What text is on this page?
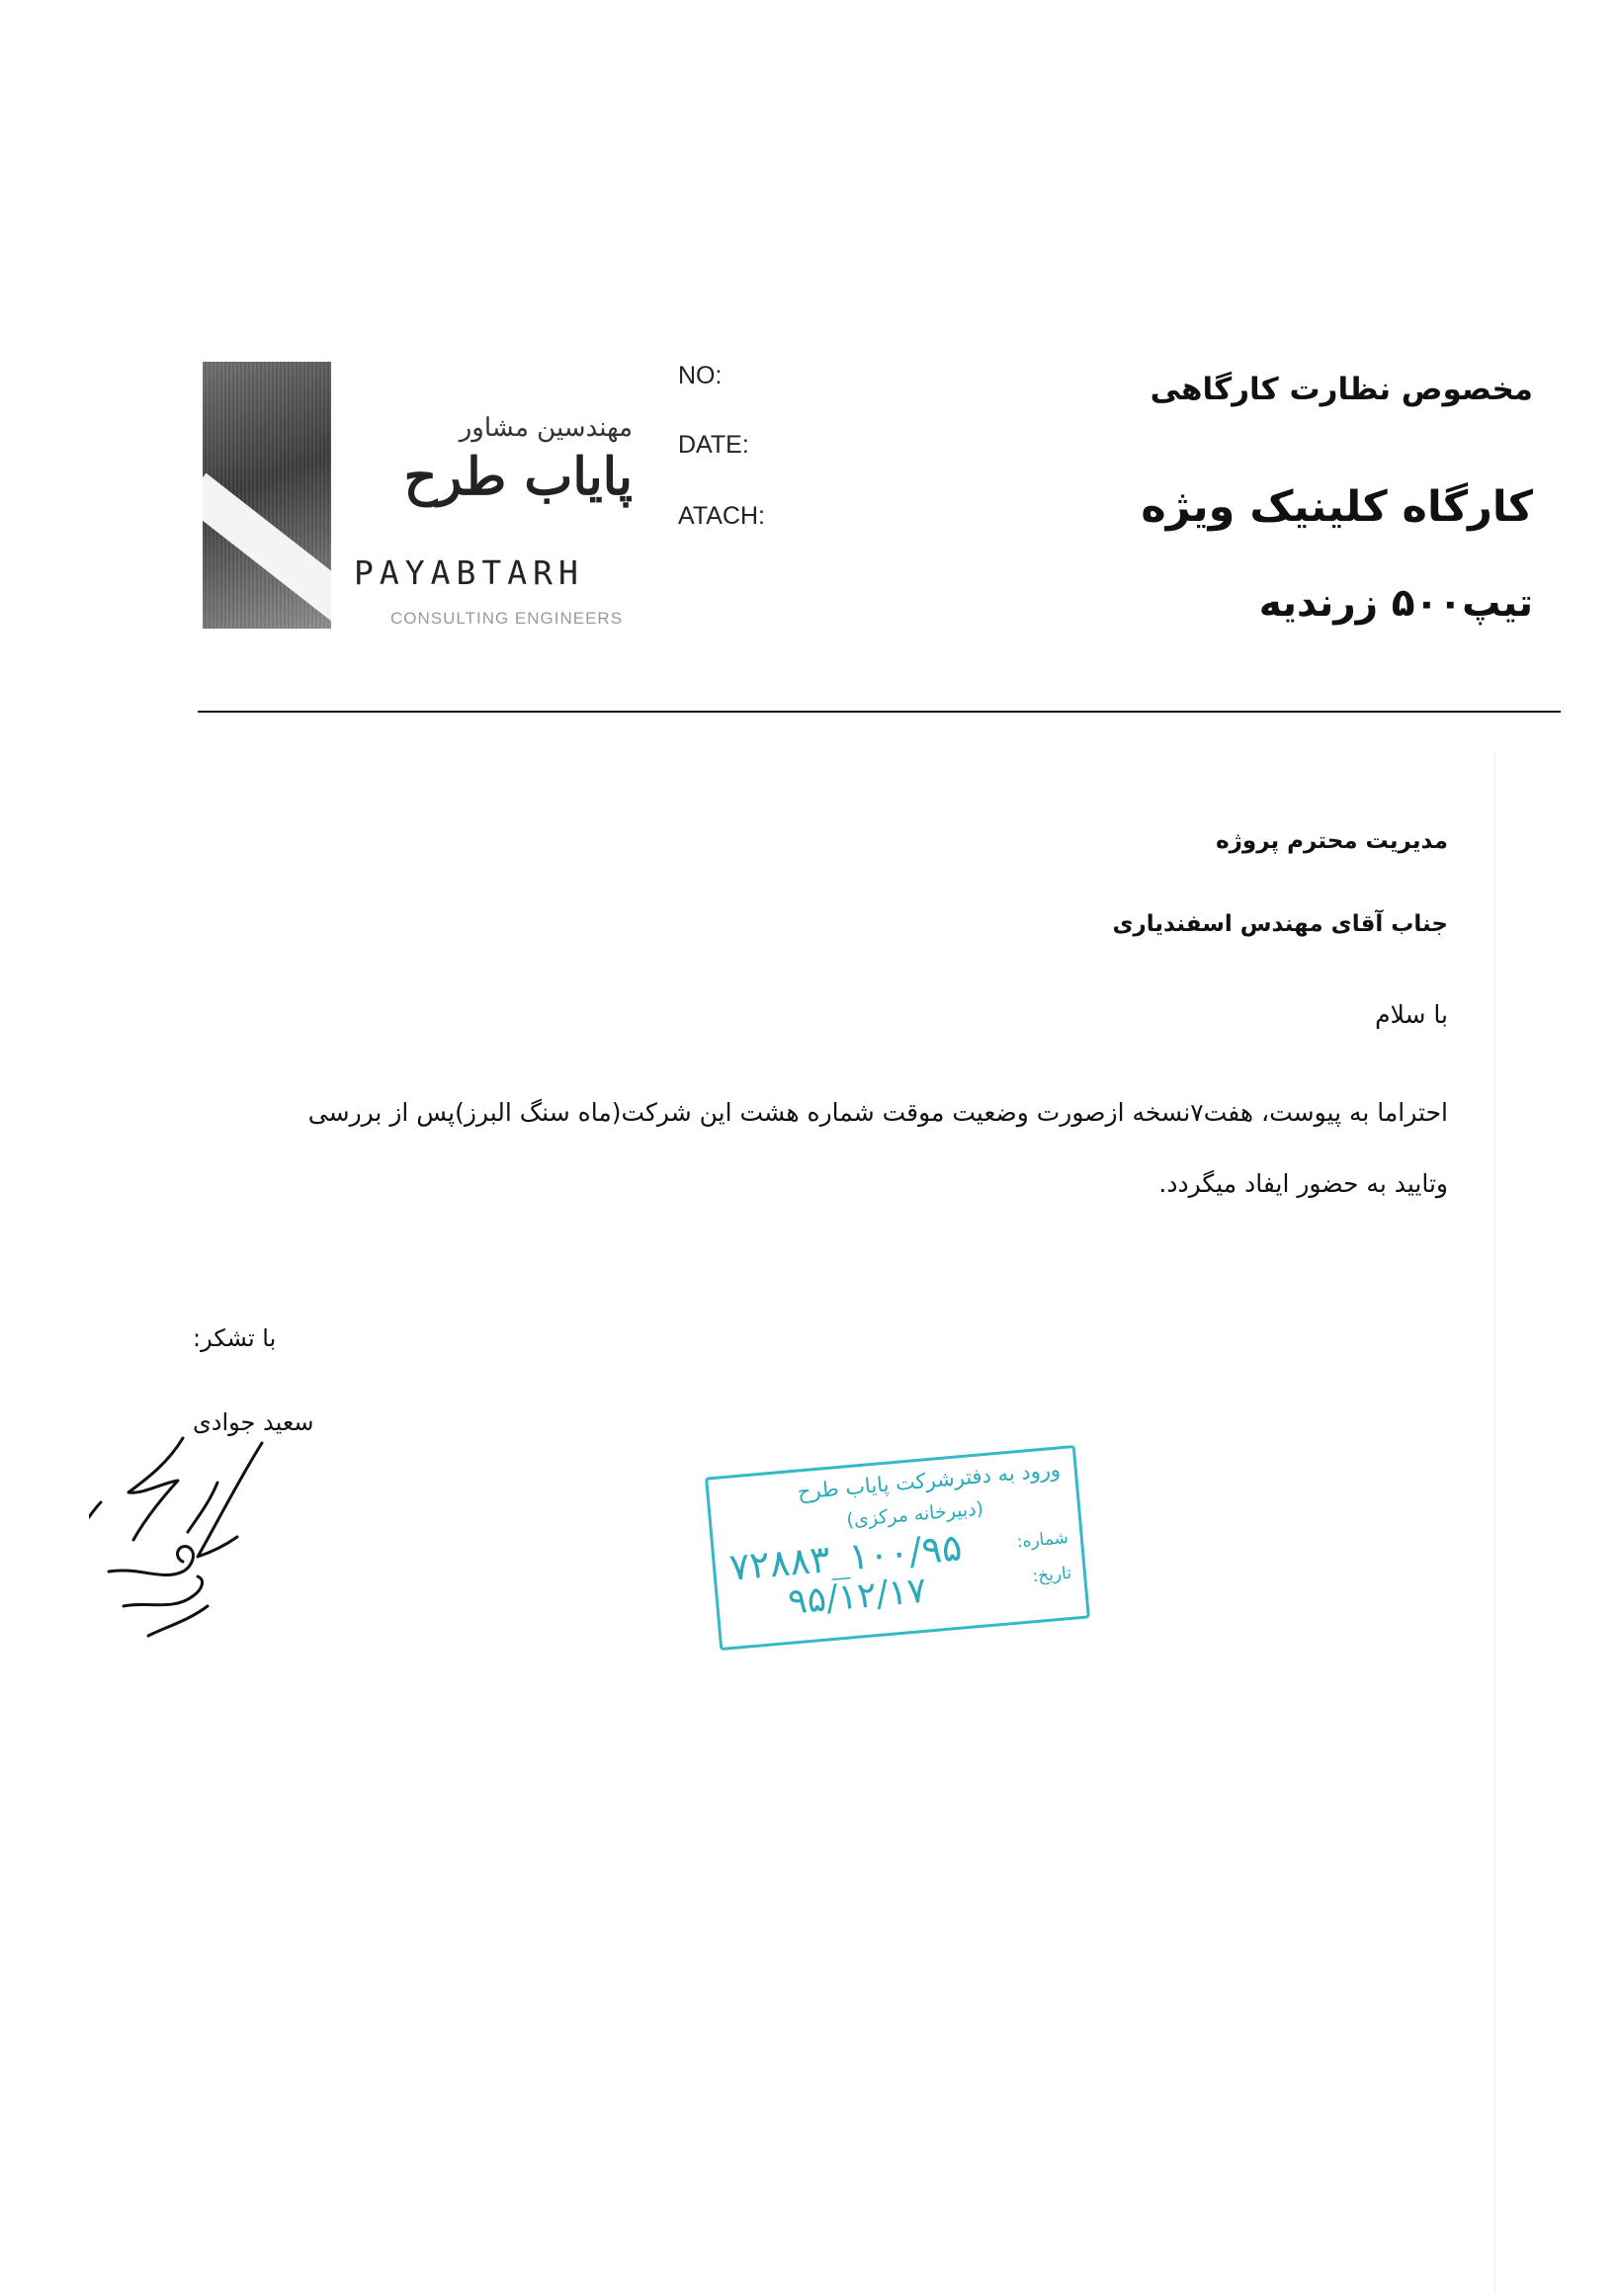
مهندسین مشاور
پایاب طرح
PAYABTARH
CONSULTING ENGINEERS
NO:
DATE:
ATACH:
مخصوص نظارت کارگاهی
کارگاه کلینیک ویژه
تیپ۵۰۰ زرندیه
مدیریت محترم پروژه
جناب آقای مهندس اسفندیاری
با سلام
احتراما به پیوست، هفت۷نسخه ازصورت وضعیت موقت شماره هشت این شرکت(ماه سنگ البرز)پس از بررسی
وتایید به حضور ایفاد میگردد.
با تشکر:
سعید جوادی
ورود به دفترشرکت پایاب طرح
(دبیرخانه مرکزی)
شماره:
تاریخ:
۱۰۰/۹۵_۷۲۸۸۳
۹۵/۱۲/۱۷
